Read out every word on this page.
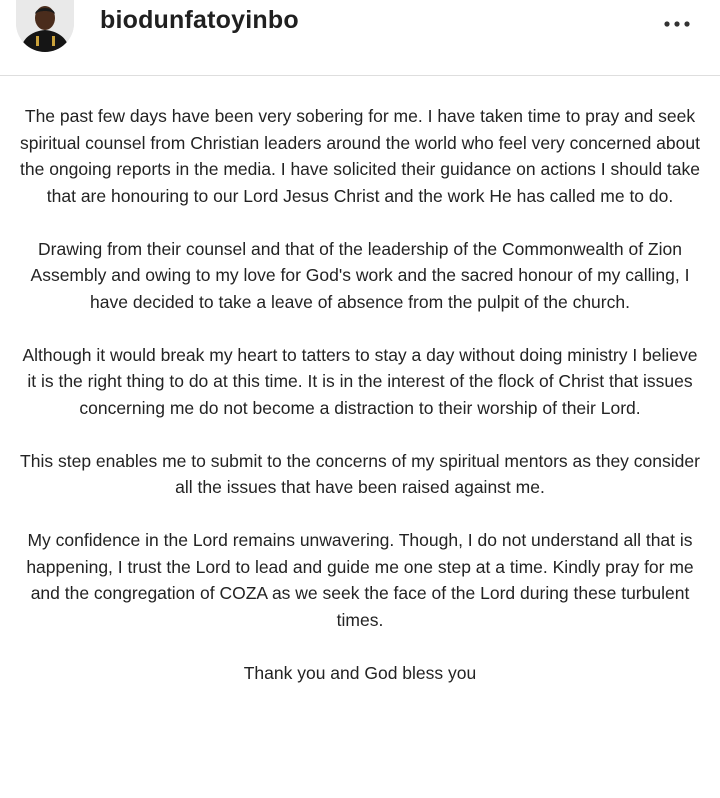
biodunfatoyinbo

The past few days have been very sobering for me. I have taken time to pray and seek spiritual counsel from Christian leaders around the world who feel very concerned about the ongoing reports in the media. I have solicited their guidance on actions I should take that are honouring to our Lord Jesus Christ and the work He has called me to do.

Drawing from their counsel and that of the leadership of the Commonwealth of Zion Assembly and owing to my love for God's work and the sacred honour of my calling, I have decided to take a leave of absence from the pulpit of the church.

Although it would break my heart to tatters to stay a day without doing ministry I believe it is the right thing to do at this time. It is in the interest of the flock of Christ that issues concerning me do not become a distraction to their worship of their Lord.

This step enables me to submit to the concerns of my spiritual mentors as they consider all the issues that have been raised against me.

My confidence in the Lord remains unwavering. Though, I do not understand all that is happening, I trust the Lord to lead and guide me one step at a time. Kindly pray for me and the congregation of COZA as we seek the face of the Lord during these turbulent times.

Thank you and God bless you
